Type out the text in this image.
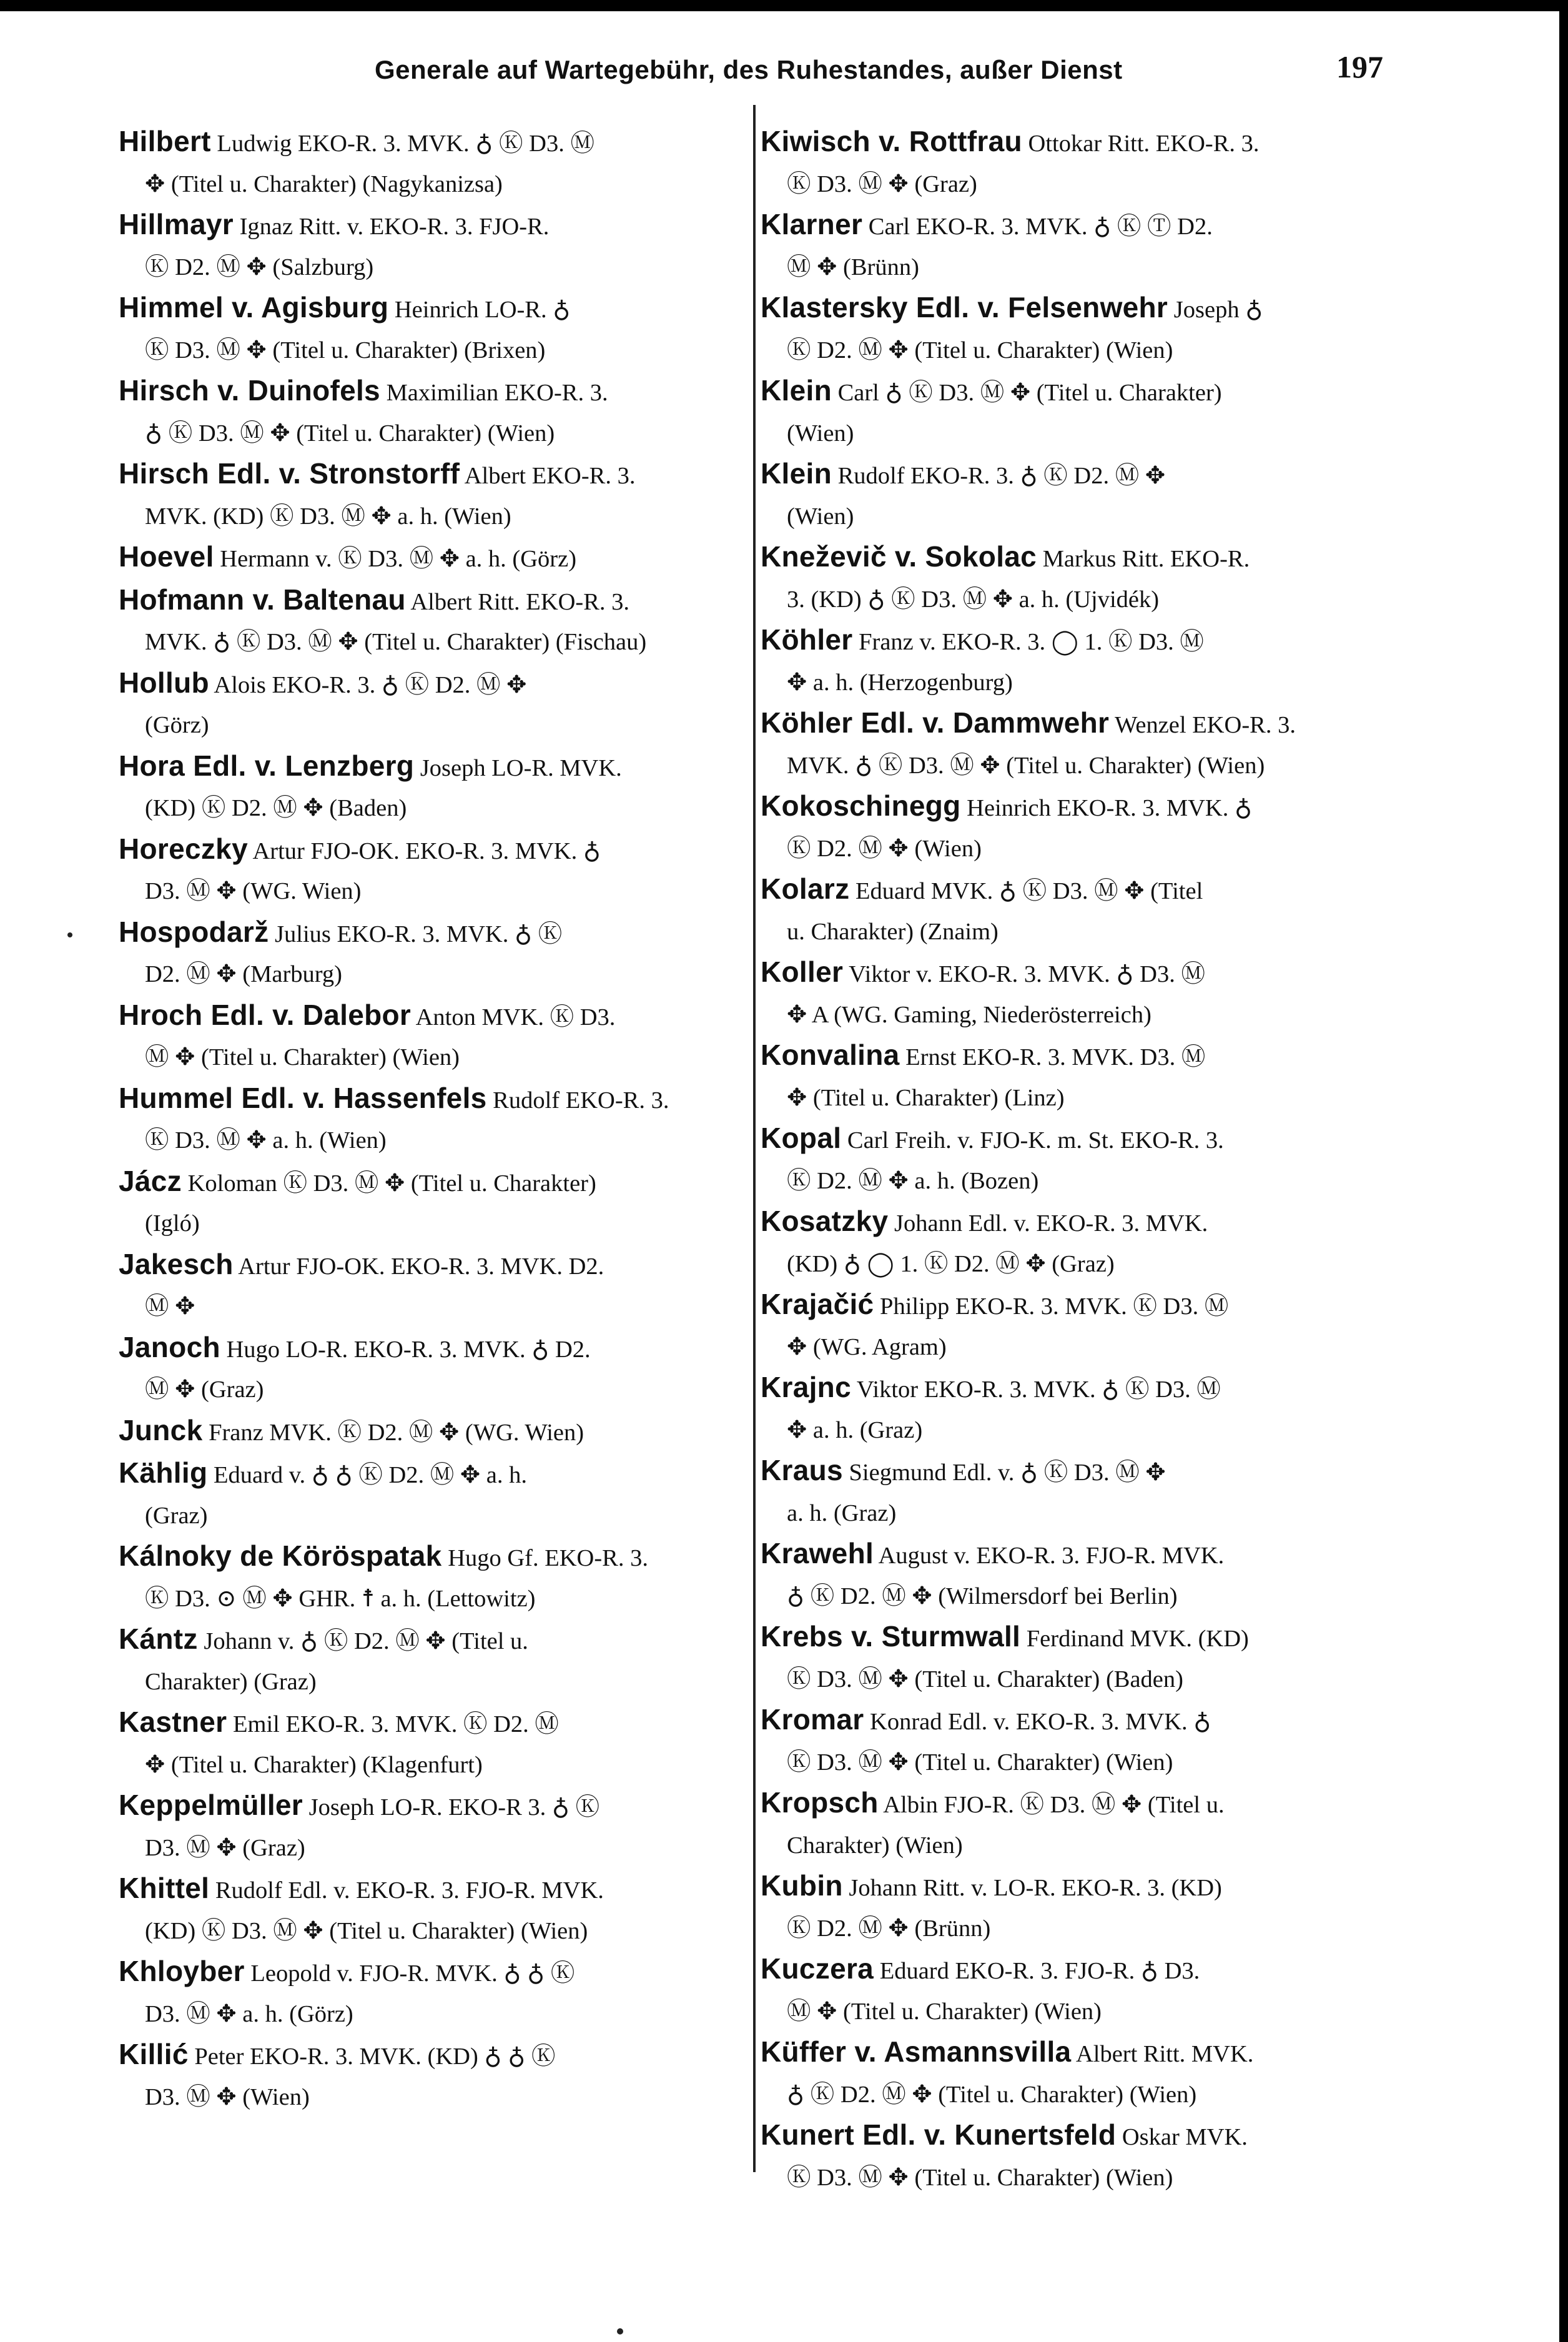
Generale auf Wartegebühr, des Ruhestandes, außer Dienst	197

Hilbert Ludwig EKO-R. 3. MVK. ♁ Ⓚ D3. Ⓜ
✥ (Titel u. Charakter) (Nagykanizsa)

Hillmayr Ignaz Ritt. v. EKO-R. 3. FJO-R.
Ⓚ D2. Ⓜ ✥ (Salzburg)

Himmel v. Agisburg Heinrich LO-R. ♁
Ⓚ D3. Ⓜ ✥ (Titel u. Charakter) (Brixen)

Hirsch v. Duinofels Maximilian EKO-R. 3.
♁ Ⓚ D3. Ⓜ ✥ (Titel u. Charakter) (Wien)

Hirsch Edl. v. Stronstorff Albert EKO-R. 3.
MVK. (KD) Ⓚ D3. Ⓜ ✥ a. h. (Wien)

Hoevel Hermann v. Ⓚ D3. Ⓜ ✥ a. h. (Görz)

Hofmann v. Baltenau Albert Ritt. EKO-R. 3.
MVK. ♁ Ⓚ D3. Ⓜ ✥ (Titel u. Charakter) (Fischau)

Hollub Alois EKO-R. 3. ♁ Ⓚ D2. Ⓜ ✥
(Görz)

Hora Edl. v. Lenzberg Joseph LO-R. MVK.
(KD) Ⓚ D2. Ⓜ ✥ (Baden)

Horeczky Artur FJO-OK. EKO-R. 3. MVK. ♁
D3. Ⓜ ✥ (WG. Wien)

Hospodarž Julius EKO-R. 3. MVK. ♁ Ⓚ
D2. Ⓜ ✥ (Marburg)

Hroch Edl. v. Dalebor Anton MVK. Ⓚ D3.
Ⓜ ✥ (Titel u. Charakter) (Wien)

Hummel Edl. v. Hassenfels Rudolf EKO-R. 3.
Ⓚ D3. Ⓜ ✥ a. h. (Wien)

Jácz Koloman Ⓚ D3. Ⓜ ✥ (Titel u. Charakter)
(Igló)

Jakesch Artur FJO-OK. EKO-R. 3. MVK. D2.
Ⓜ ✥

Janoch Hugo LO-R. EKO-R. 3. MVK. ♁ D2.
Ⓜ ✥ (Graz)

Junck Franz MVK. Ⓚ D2. Ⓜ ✥ (WG. Wien)

Kählig Eduard v. ♁ ♁ Ⓚ D2. Ⓜ ✥ a. h.
(Graz)

Kálnoky de Köröspatak Hugo Gf. EKO-R. 3.
Ⓚ D3. ⊙ Ⓜ ✥ GHR. ☨ a. h. (Lettowitz)

Kántz Johann v. ♁ Ⓚ D2. Ⓜ ✥ (Titel u.
Charakter) (Graz)

Kastner Emil EKO-R. 3. MVK. Ⓚ D2. Ⓜ
✥ (Titel u. Charakter) (Klagenfurt)

Keppelmüller Joseph LO-R. EKO-R 3. ♁ Ⓚ
D3. Ⓜ ✥ (Graz)

Khittel Rudolf Edl. v. EKO-R. 3. FJO-R. MVK.
(KD) Ⓚ D3. Ⓜ ✥ (Titel u. Charakter) (Wien)

Khloyber Leopold v. FJO-R. MVK. ♁ ♁ Ⓚ
D3. Ⓜ ✥ a. h. (Görz)

Killić Peter EKO-R. 3. MVK. (KD) ♁ ♁ Ⓚ
D3. Ⓜ ✥ (Wien)

Kiwisch v. Rottfrau Ottokar Ritt. EKO-R. 3.
Ⓚ D3. Ⓜ ✥ (Graz)

Klarner Carl EKO-R. 3. MVK. ♁ Ⓚ Ⓣ D2.
Ⓜ ✥ (Brünn)

Klastersky Edl. v. Felsenwehr Joseph ♁
Ⓚ D2. Ⓜ ✥ (Titel u. Charakter) (Wien)

Klein Carl ♁ Ⓚ D3. Ⓜ ✥ (Titel u. Charakter)
(Wien)

Klein Rudolf EKO-R. 3. ♁ Ⓚ D2. Ⓜ ✥
(Wien)

Kneževič v. Sokolac Markus Ritt. EKO-R.
3. (KD) ♁ Ⓚ D3. Ⓜ ✥ a. h. (Ujvidék)

Köhler Franz v. EKO-R. 3. ◯ 1. Ⓚ D3. Ⓜ
✥ a. h. (Herzogenburg)

Köhler Edl. v. Dammwehr Wenzel EKO-R. 3.
MVK. ♁ Ⓚ D3. Ⓜ ✥ (Titel u. Charakter) (Wien)

Kokoschinegg Heinrich EKO-R. 3. MVK. ♁
Ⓚ D2. Ⓜ ✥ (Wien)

Kolarz Eduard MVK. ♁ Ⓚ D3. Ⓜ ✥ (Titel
u. Charakter) (Znaim)

Koller Viktor v. EKO-R. 3. MVK. ♁ D3. Ⓜ
✥ A (WG. Gaming, Niederösterreich)

Konvalina Ernst EKO-R. 3. MVK. D3. Ⓜ
✥ (Titel u. Charakter) (Linz)

Kopal Carl Freih. v. FJO-K. m. St. EKO-R. 3.
Ⓚ D2. Ⓜ ✥ a. h. (Bozen)

Kosatzky Johann Edl. v. EKO-R. 3. MVK.
(KD) ♁ ◯ 1. Ⓚ D2. Ⓜ ✥ (Graz)

Krajačić Philipp EKO-R. 3. MVK. Ⓚ D3. Ⓜ
✥ (WG. Agram)

Krajnc Viktor EKO-R. 3. MVK. ♁ Ⓚ D3. Ⓜ
✥ a. h. (Graz)

Kraus Siegmund Edl. v. ♁ Ⓚ D3. Ⓜ ✥
a. h. (Graz)

Krawehl August v. EKO-R. 3. FJO-R. MVK.
♁ Ⓚ D2. Ⓜ ✥ (Wilmersdorf bei Berlin)

Krebs v. Sturmwall Ferdinand MVK. (KD)
Ⓚ D3. Ⓜ ✥ (Titel u. Charakter) (Baden)

Kromar Konrad Edl. v. EKO-R. 3. MVK. ♁
Ⓚ D3. Ⓜ ✥ (Titel u. Charakter) (Wien)

Kropsch Albin FJO-R. Ⓚ D3. Ⓜ ✥ (Titel u.
Charakter) (Wien)

Kubin Johann Ritt. v. LO-R. EKO-R. 3. (KD)
Ⓚ D2. Ⓜ ✥ (Brünn)

Kuczera Eduard EKO-R. 3. FJO-R. ♁ D3.
Ⓜ ✥ (Titel u. Charakter) (Wien)

Küffer v. Asmannsvilla Albert Ritt. MVK.
♁ Ⓚ D2. Ⓜ ✥ (Titel u. Charakter) (Wien)

Kunert Edl. v. Kunertsfeld Oskar MVK.
Ⓚ D3. Ⓜ ✥ (Titel u. Charakter) (Wien)
